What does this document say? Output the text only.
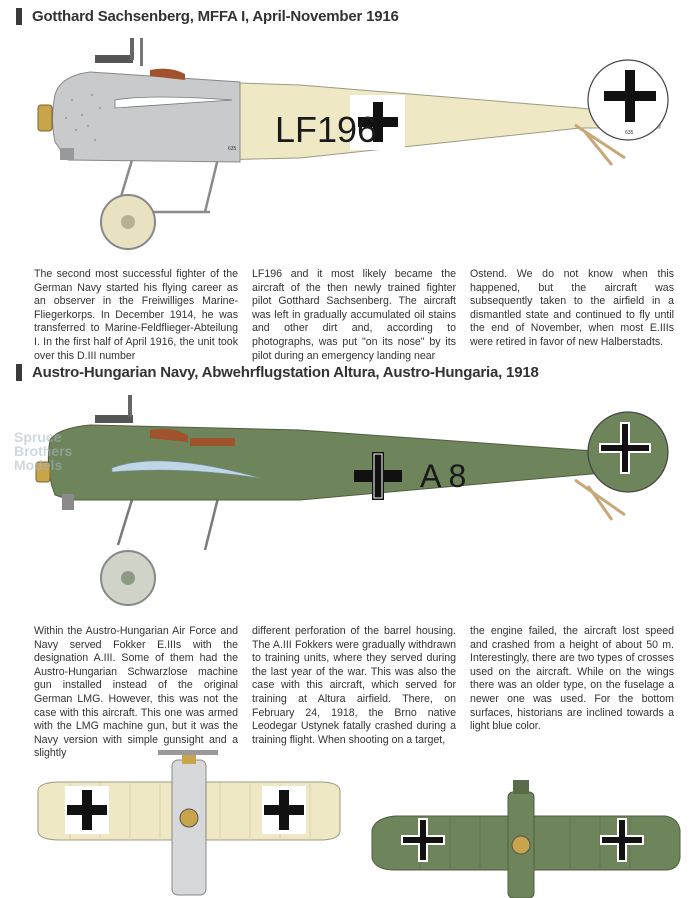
Gotthard Sachsenberg, MFFA I, April-November 1916
LF196
635
635
The second most successful fighter of the German Navy started his flying career as an observer in the Freiwilliges Marine-Fliegerkorps. In December 1914, he was transferred to Marine-Feldflieger-Abteilung I. In the first half of April 1916, the unit took over this D.III number
LF196 and it most likely became the aircraft of the then newly trained fighter pilot Gotthard Sachsenberg. The aircraft was left in gradually accumulated oil stains and other dirt and, according to photographs, was put "on its nose" by its pilot during an emergency landing near
Ostend. We do not know when this happened, but the aircraft was subsequently taken to the airfield in a dismantled state and continued to fly until the end of November, when most E.IIIs were retired in favor of new Halberstadts.
Austro-Hungarian Navy, Abwehrflugstation Altura, Austro-Hungaria, 1918
Spruce
Brothers
Models	A 8
Within the Austro-Hungarian Air Force and Navy served Fokker E.IIIs with the designation A.III. Some of them had the Austro-Hungarian Schwarzlose machine gun installed instead of the original German LMG. However, this was not the case with this aircraft. This one was armed with the LMG machine gun, but it was the Navy version with simple gunsight and a slightly
different perforation of the barrel housing. The A.III Fokkers were gradually withdrawn to training units, where they served during the last year of the war. This was also the case with this aircraft, which served for training at Altura airfield. There, on February 24, 1918, the Brno native Leodegar Ustynek fatally crashed during a training flight. When shooting on a target,
the engine failed, the aircraft lost speed and crashed from a height of about 50 m. Interestingly, there are two types of crosses used on the aircraft. While on the wings there was an older type, on the fuselage a newer one was used. For the bottom surfaces, historians are inclined towards a light blue color.
